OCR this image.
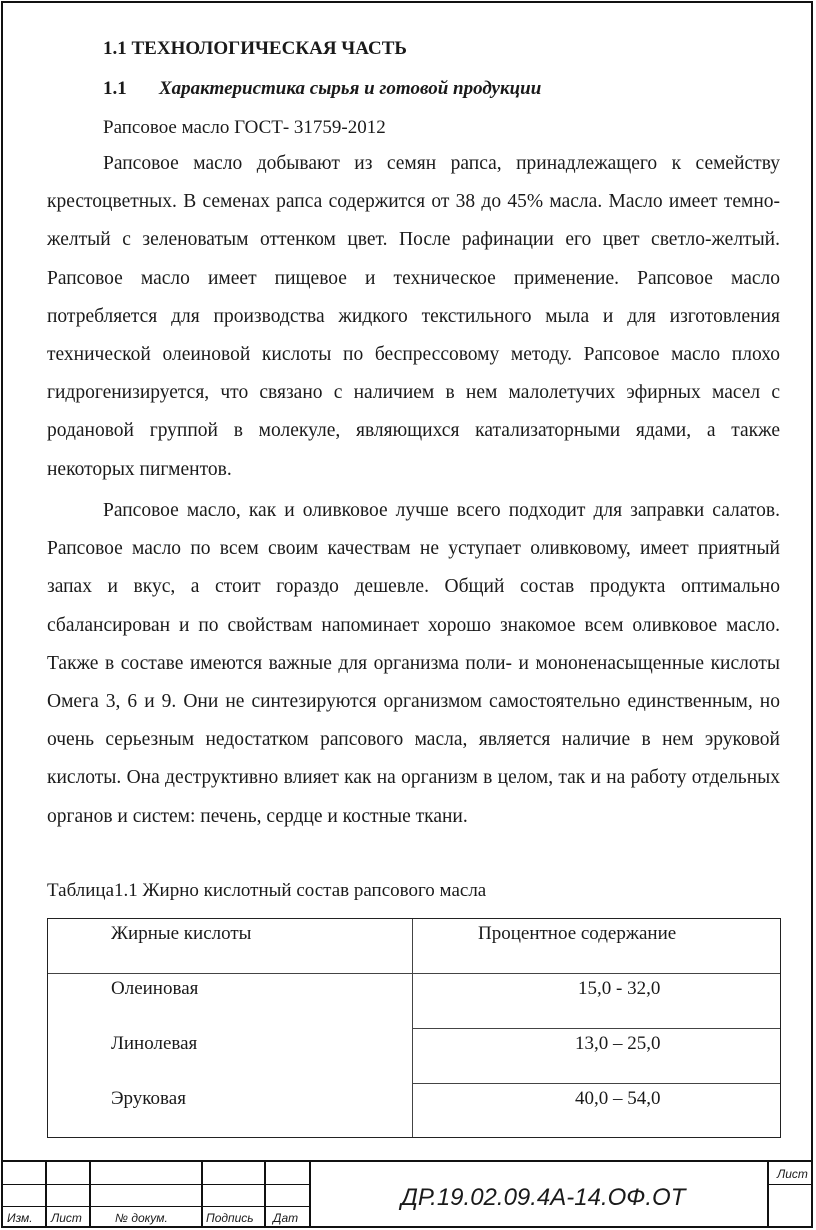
1.1 ТЕХНОЛОГИЧЕСКАЯ ЧАСТЬ
1.1 Характеристика сырья и готовой продукции
Рапсовое масло ГОСТ- 31759-2012

Рапсовое масло добывают из семян рапса, принадлежащего к семейству крестоцветных. В семенах рапса содержится от 38 до 45% масла. Масло имеет темно-желтый с зеленоватым оттенком цвет. После рафинации его цвет светло-желтый. Рапсовое масло имеет пищевое и техническое применение. Рапсовое масло потребляется для производства жидкого текстильного мыла и для изготовления технической олеиновой кислоты по беспрессовому методу. Рапсовое масло плохо гидрогенизируется, что связано с наличием в нем малолетучих эфирных масел с родановой группой в молекуле, являющихся катализаторными ядами, а также некоторых пигментов.

Рапсовое масло, как и оливковое лучше всего подходит для заправки салатов. Рапсовое масло по всем своим качествам не уступает оливковому, имеет приятный запах и вкус, а стоит гораздо дешевле. Общий состав продукта оптимально сбалансирован и по свойствам напоминает хорошо знакомое всем оливковое масло. Также в составе имеются важные для организма поли- и мононенасыщенные кислоты Омега 3, 6 и 9. Они не синтезируются организмом самостоятельно единственным, но очень серьезным недостатком рапсового масла, является наличие в нем эруковой кислоты. Она деструктивно влияет как на организм в целом, так и на работу отдельных органов и систем: печень, сердце и костные ткани.

Таблица1.1 Жирно кислотный состав рапсового масла
Жирные кислоты	Процентное содержание
Олеиновая	15,0 - 32,0
Линолевая	13,0 – 25,0
Эруковая	40,0 – 54,0
Изм. Лист	№ докум.	Подпись Дат
ДР.19.02.09.4А-14.ОФ.ОТ
Лист
